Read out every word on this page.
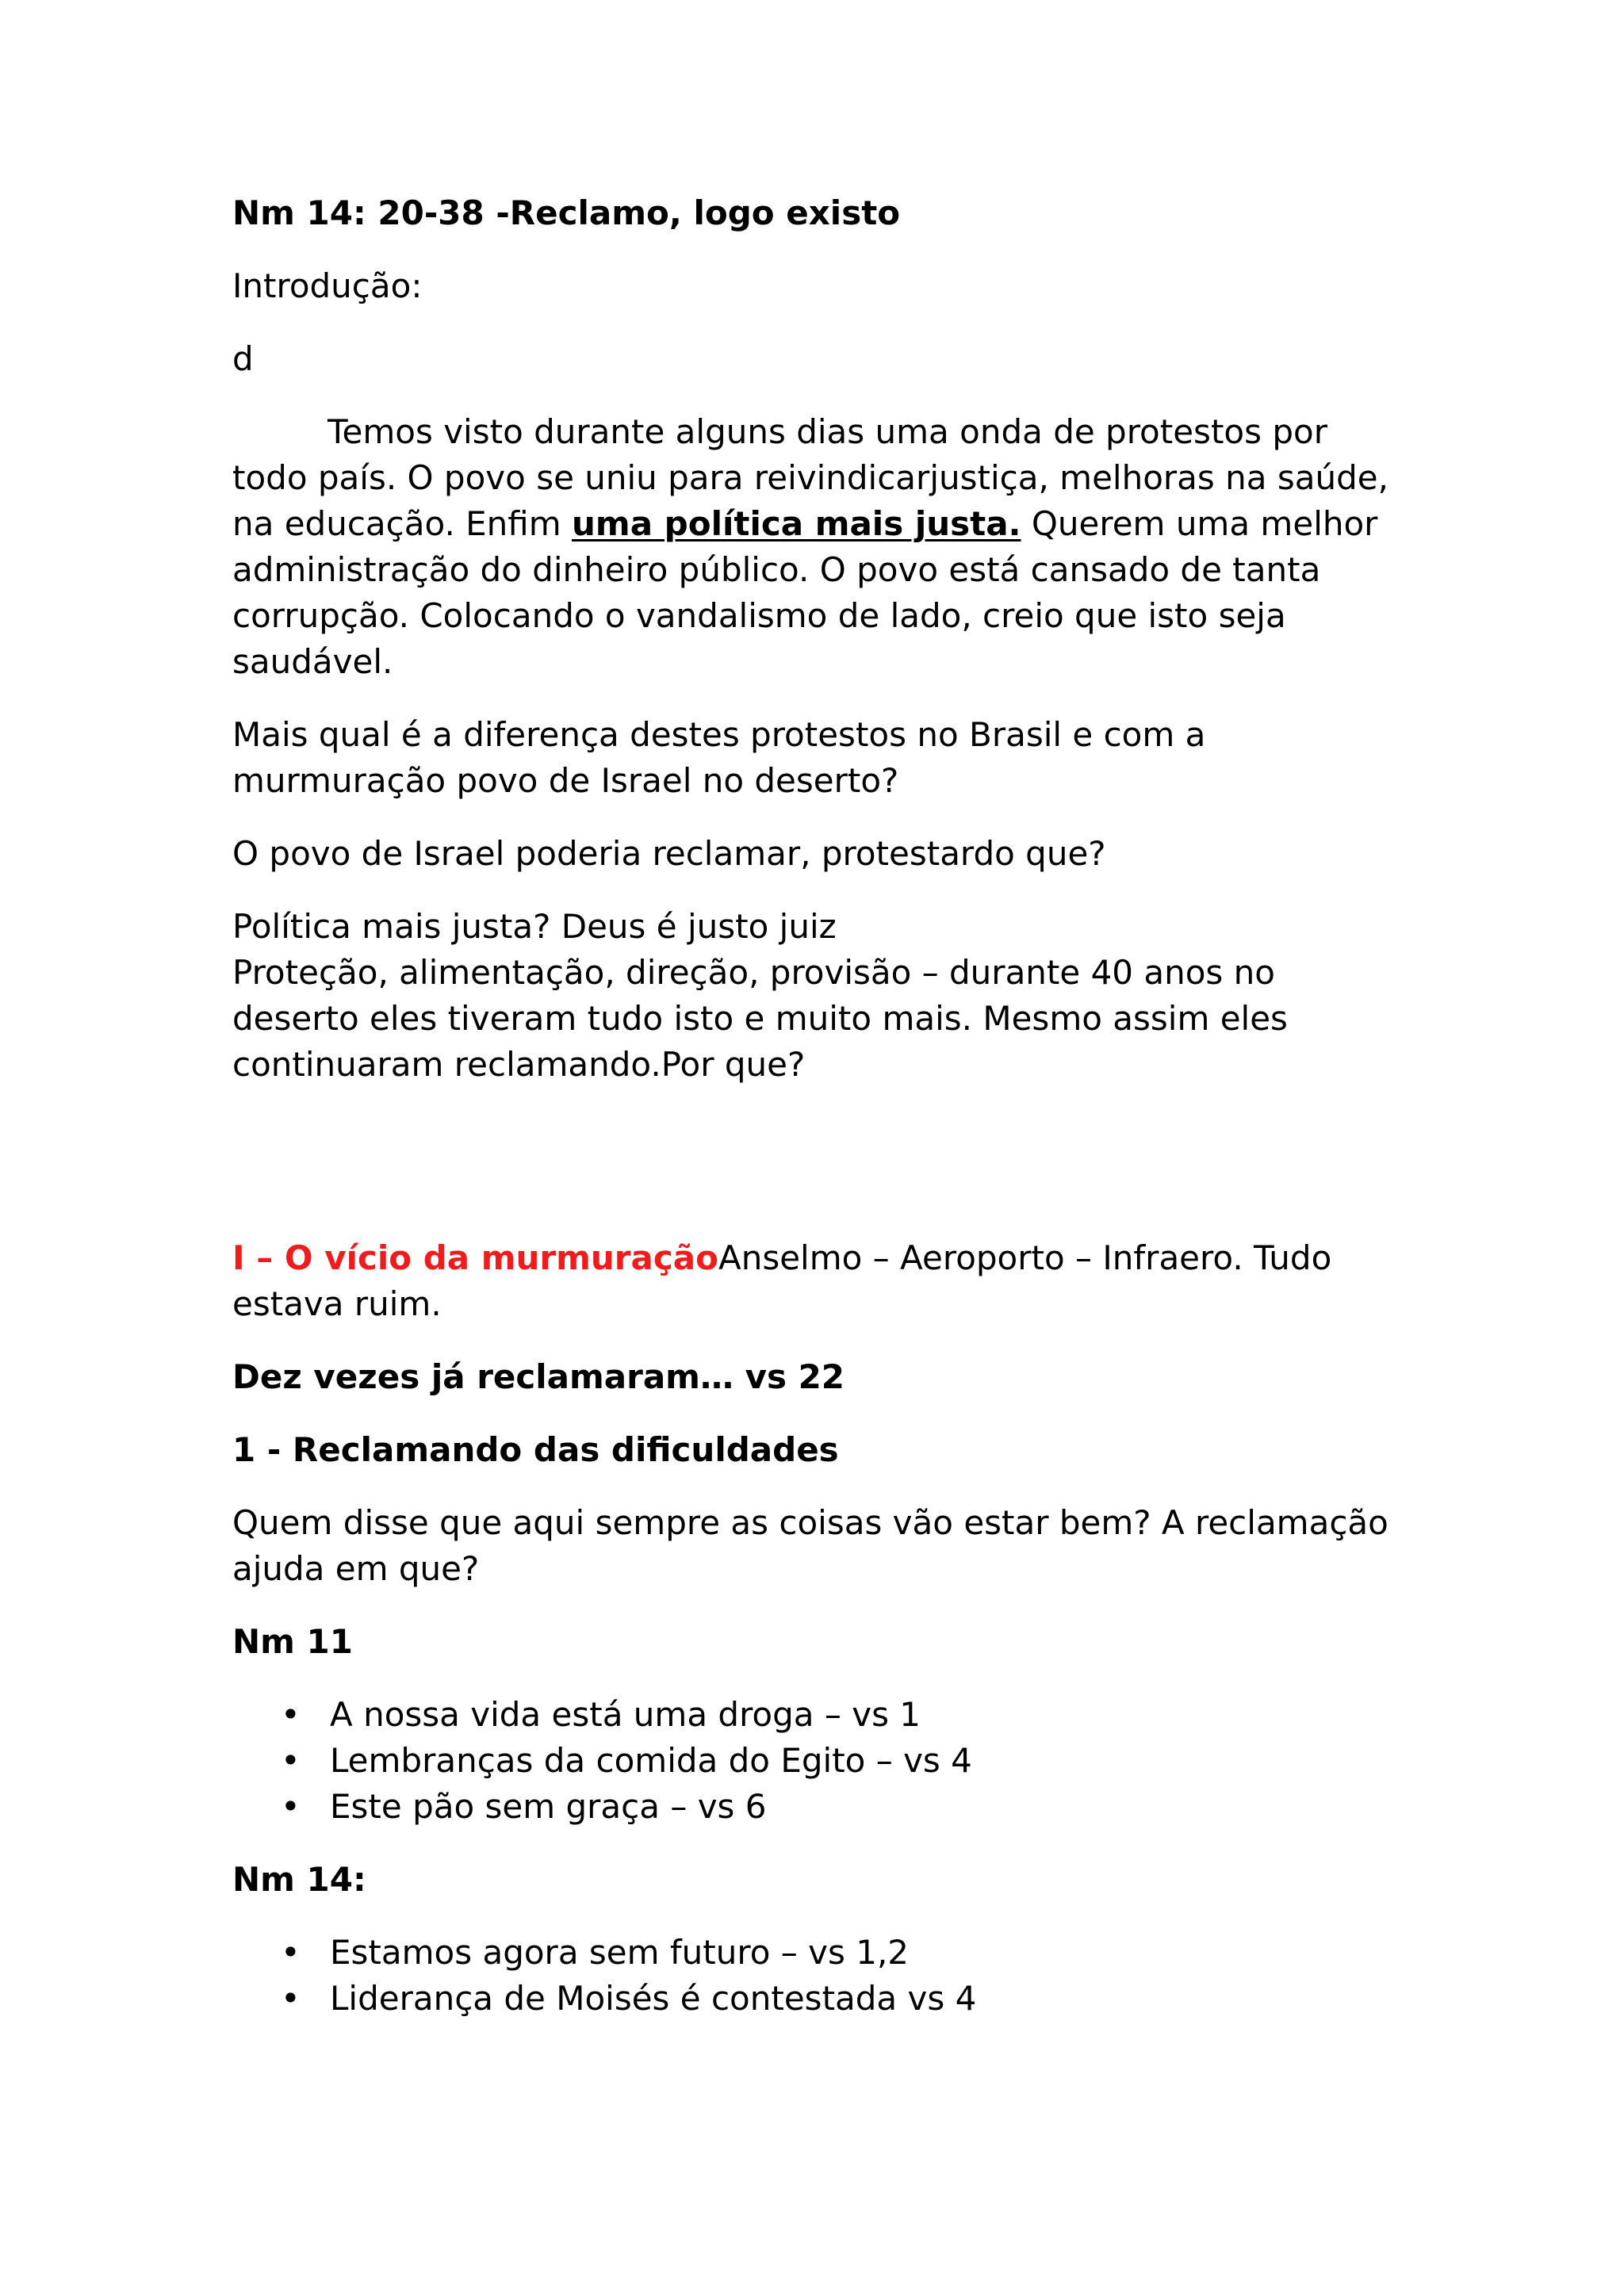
Nm 14: 20-38 -Reclamo, logo existo

Introdução:

d

Temos visto durante alguns dias uma onda de protestos por todo país. O povo se uniu para reivindicarjustiça, melhoras na saúde, na educação. Enfim uma política mais justa. Querem uma melhor administração do dinheiro público. O povo está cansado de tanta corrupção. Colocando o vandalismo de lado, creio que isto seja saudável.

Mais qual é a diferença destes protestos no Brasil e com a murmuração povo de Israel no deserto?

O povo de Israel poderia reclamar, protestardo que?

Política mais justa? Deus é justo juiz
Proteção, alimentação, direção, provisão – durante 40 anos no deserto eles tiveram tudo isto e muito mais. Mesmo assim eles continuaram reclamando.Por que?

I – O vício da murmuraçãoAnselmo – Aeroporto – Infraero. Tudo estava ruim.

Dez vezes já reclamaram… vs 22

1 - Reclamando das dificuldades

Quem disse que aqui sempre as coisas vão estar bem? A reclamação ajuda em que?

Nm 11

• A nossa vida está uma droga – vs 1
• Lembranças da comida do Egito – vs 4
• Este pão sem graça – vs 6

Nm 14:

• Estamos agora sem futuro – vs 1,2
• Liderança de Moisés é contestada vs 4
